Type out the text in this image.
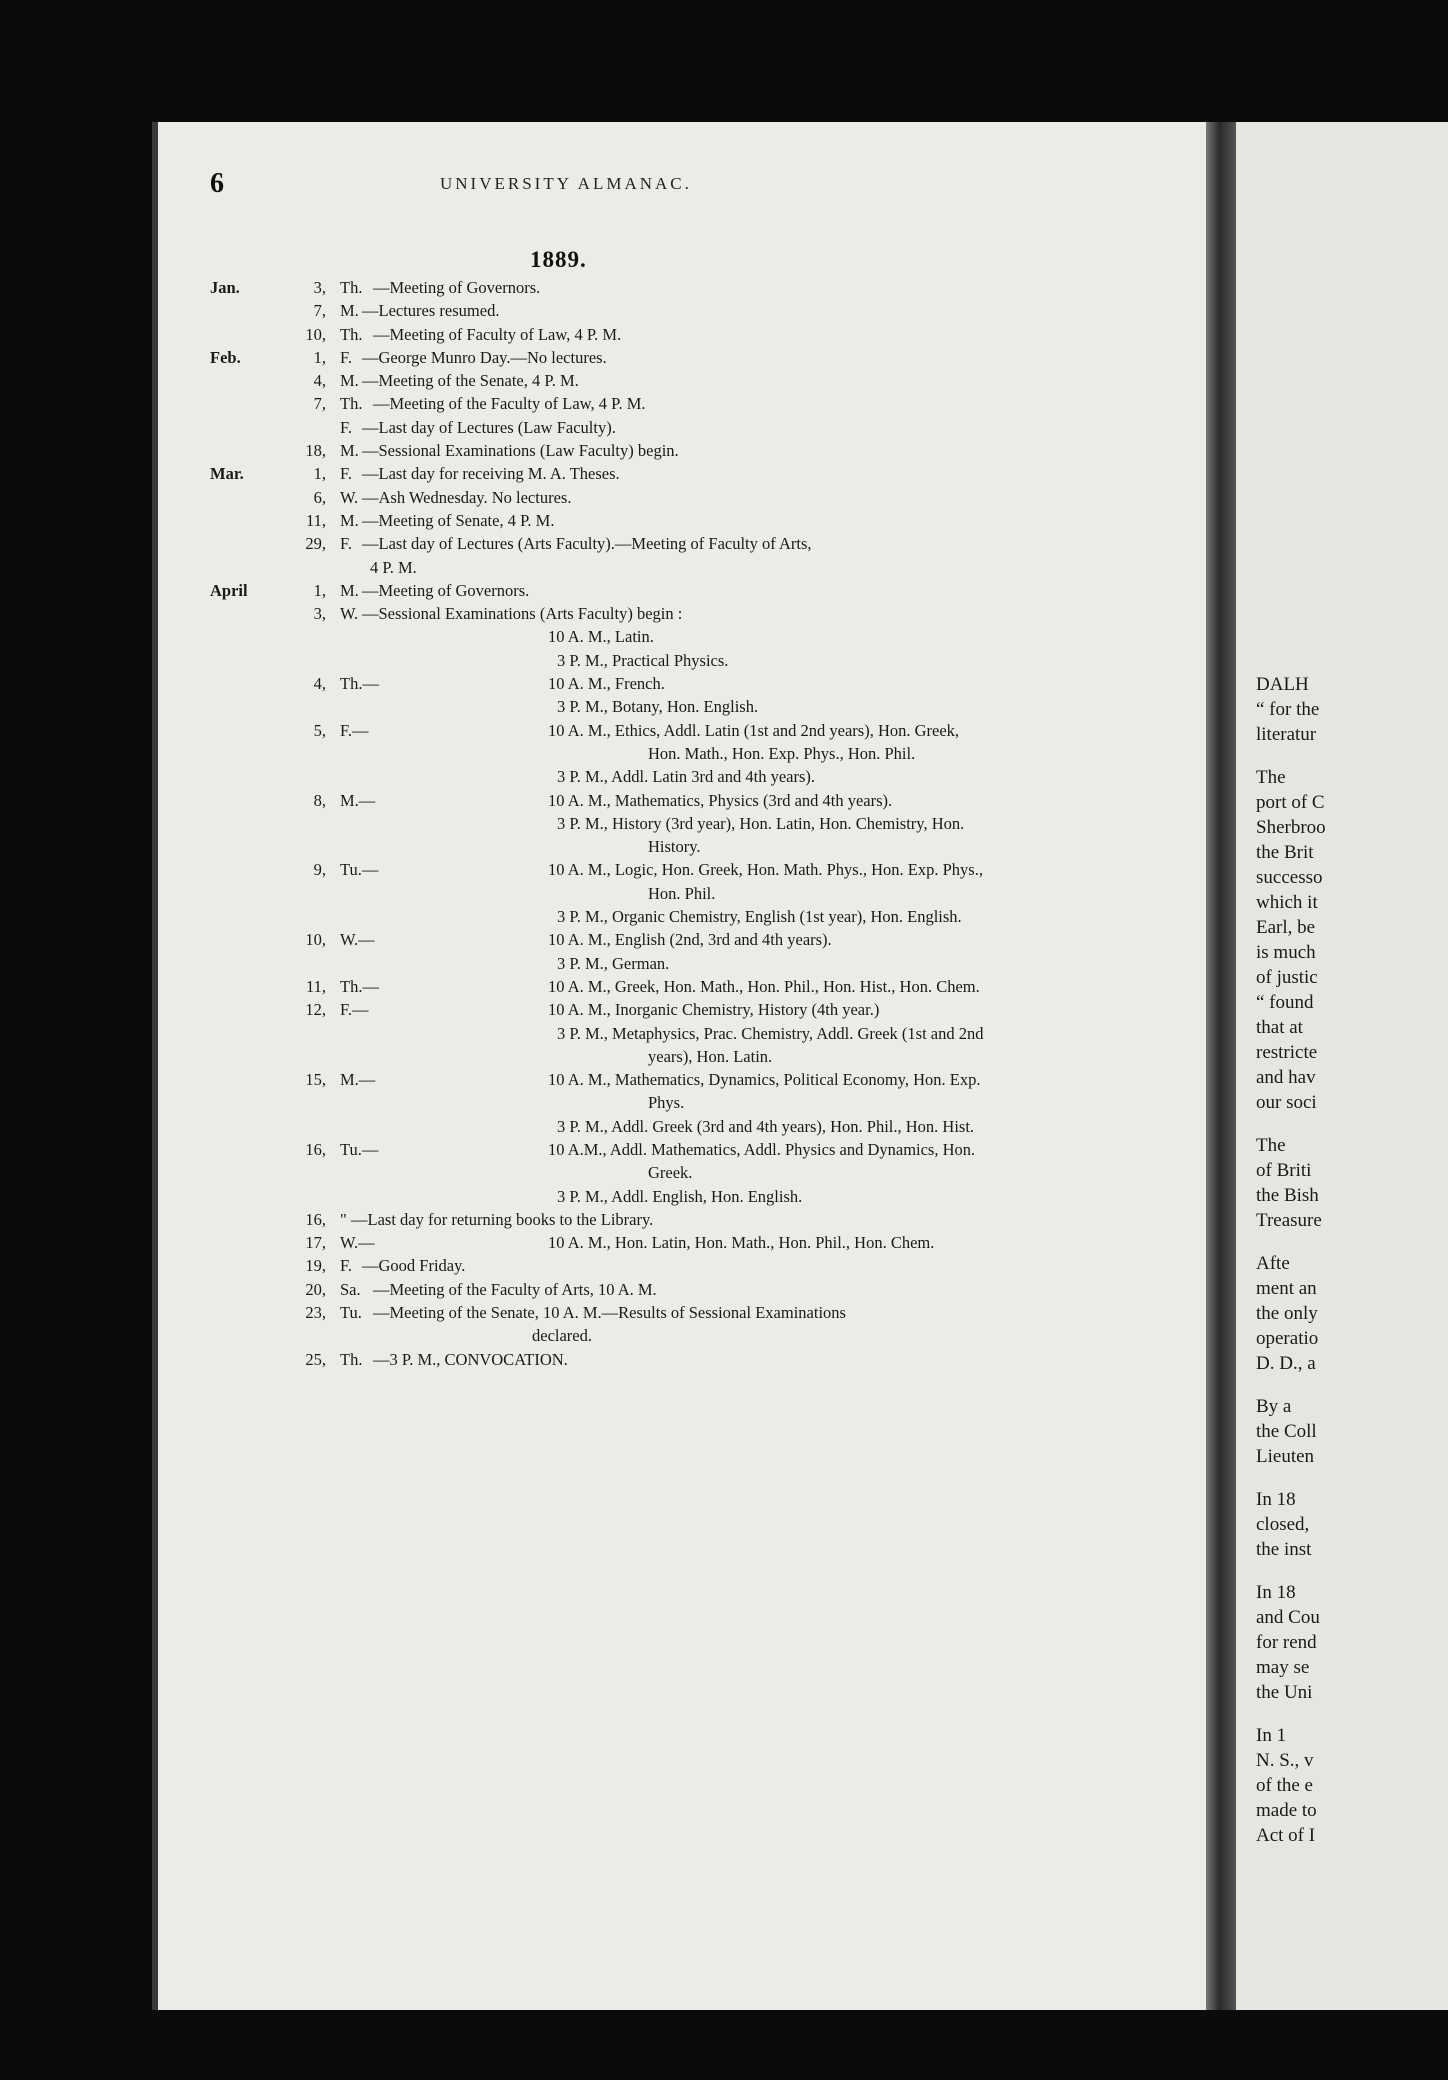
DALH
“ for the
literatur
The
port of C
Sherbroo
the Brit
successo
which it
Earl, be
is much
of justic
“ found
that at
restricte
and hav
our soci
The
of Briti
the Bish
Treasure
Afte
ment an
the only
operatio
D. D., a
By a
the Coll
Lieuten
In 18
closed,
the inst
In 18
and Cou
for rend
may se
the Uni
In 1
N. S., v
of the e
made to
Act of I
6	UNIVERSITY ALMANAC.
1889.
Jan.	3, Th. —Meeting of Governors.
7, M. —Lectures resumed.
10, Th. —Meeting of Faculty of Law, 4 P. M.
Feb.	1, F. —George Munro Day.—No lectures.
4, M. —Meeting of the Senate, 4 P. M.
7, Th. —Meeting of the Faculty of Law, 4 P. M.
F. —Last day of Lectures (Law Faculty).
18, M. —Sessional Examinations (Law Faculty) begin.
Mar.	1, F. —Last day for receiving M. A. Theses.
6, W. —Ash Wednesday. No lectures.
11, M. —Meeting of Senate, 4 P. M.
29, F. —Last day of Lectures (Arts Faculty).—Meeting of Faculty of Arts,
4 P. M.
April	1, M. —Meeting of Governors.
3, W. —Sessional Examinations (Arts Faculty) begin :
10 A. M., Latin.
3 P. M., Practical Physics.
4, Th.—	10 A. M., French.
3 P. M., Botany, Hon. English.
5, F.—	10 A. M., Ethics, Addl. Latin (1st and 2nd years), Hon. Greek,
Hon. Math., Hon. Exp. Phys., Hon. Phil.
3 P. M., Addl. Latin 3rd and 4th years).
8, M.—	10 A. M., Mathematics, Physics (3rd and 4th years).
3 P. M., History (3rd year), Hon. Latin, Hon. Chemistry, Hon.
History.
9, Tu.—	10 A. M., Logic, Hon. Greek, Hon. Math. Phys., Hon. Exp. Phys.,
Hon. Phil.
3 P. M., Organic Chemistry, English (1st year), Hon. English.
10, W.—	10 A. M., English (2nd, 3rd and 4th years).
3 P. M., German.
11, Th.—	10 A. M., Greek, Hon. Math., Hon. Phil., Hon. Hist., Hon. Chem.
12, F.—	10 A. M., Inorganic Chemistry, History (4th year.)
3 P. M., Metaphysics, Prac. Chemistry, Addl. Greek (1st and 2nd
years), Hon. Latin.
15, M.—	10 A. M., Mathematics, Dynamics, Political Economy, Hon. Exp.
Phys.
3 P. M., Addl. Greek (3rd and 4th years), Hon. Phil., Hon. Hist.
16, Tu.—	10 A.M., Addl. Mathematics, Addl. Physics and Dynamics, Hon.
Greek.
3 P. M., Addl. English, Hon. English.
16, " —Last day for returning books to the Library.
17, W.—	10 A. M., Hon. Latin, Hon. Math., Hon. Phil., Hon. Chem.
19, F. —Good Friday.
20, Sa. —Meeting of the Faculty of Arts, 10 A. M.
23, Tu. —Meeting of the Senate, 10 A. M.—Results of Sessional Examinations
declared.
25, Th. —3 P. M., CONVOCATION.
